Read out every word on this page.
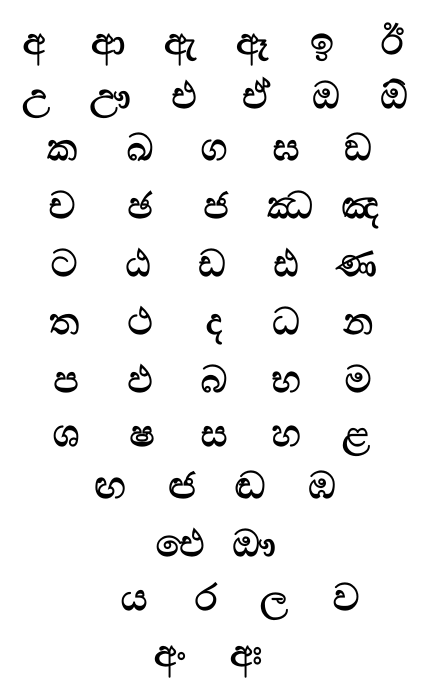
අ	ආ	ඇ	ඈ	ඉ	ඊ
උ	ඌ	එ	ඒ	ඔ	ඕ
ක	ඛ	ග	ඝ	ඞ
ච	ඡ	ජ	ඣ ඤ
ට	ඨ	ඩ	ඪ ණ
ත	ථ	ද	ධ	න
ප	ඵ	බ	භ	ම
ශ	ෂ	ස	හ	ළ
ඟ	ඦ	ඬ	ඹ
ඓ ඖ
ය	ර	ල	ව
අං	අඃ
